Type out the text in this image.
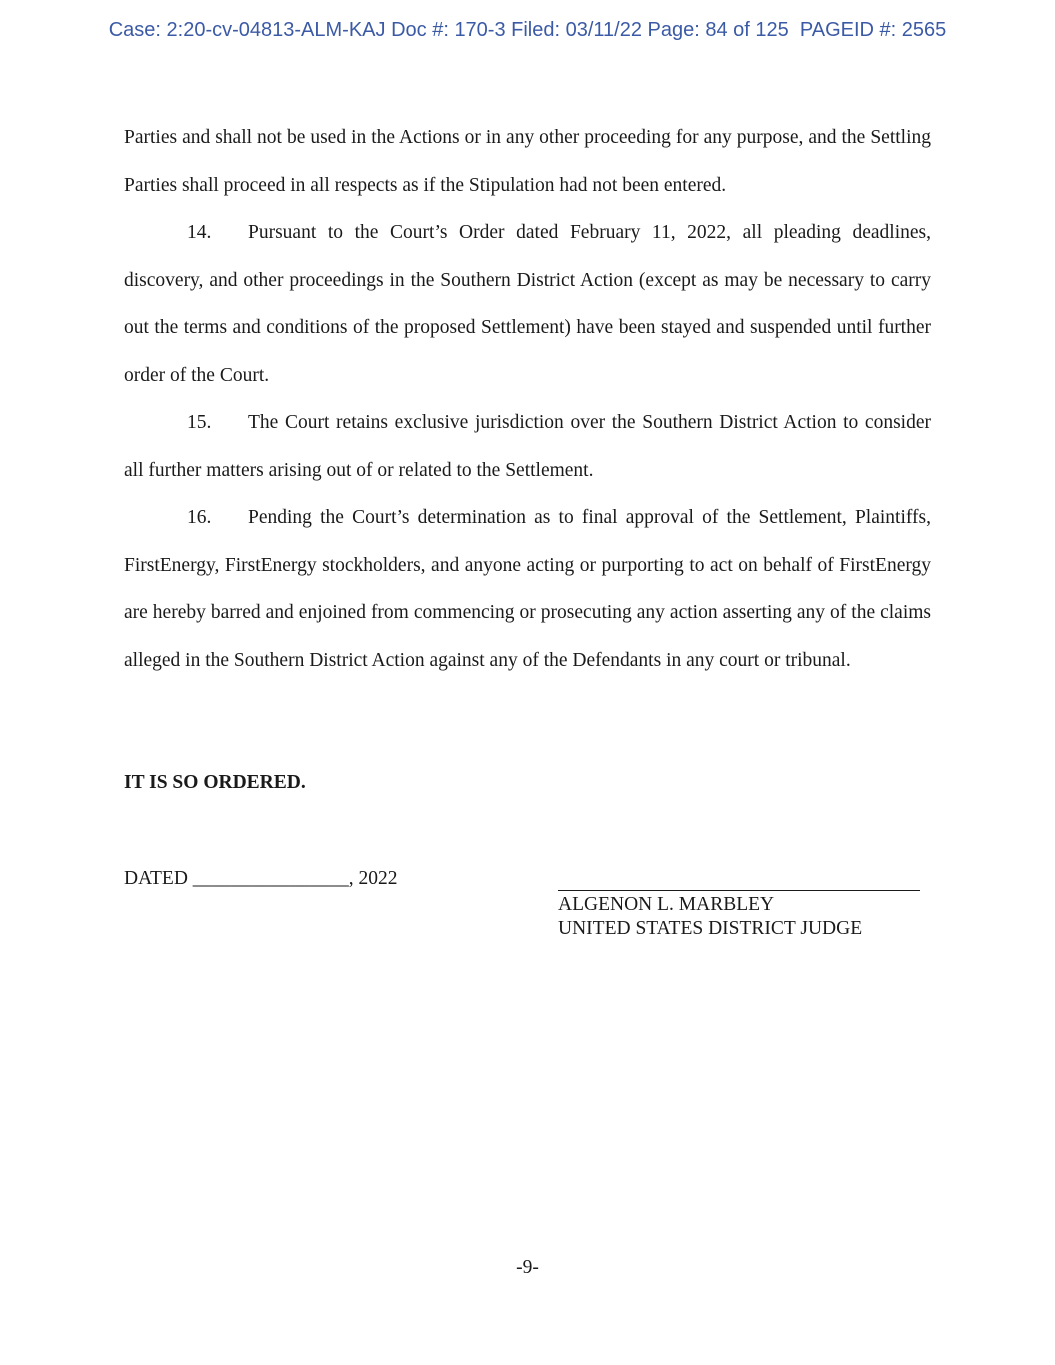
Case: 2:20-cv-04813-ALM-KAJ Doc #: 170-3 Filed: 03/11/22 Page: 84 of 125  PAGEID #: 2565

Parties and shall not be used in the Actions or in any other proceeding for any purpose, and the Settling Parties shall proceed in all respects as if the Stipulation had not been entered.

14. Pursuant to the Court’s Order dated February 11, 2022, all pleading deadlines, discovery, and other proceedings in the Southern District Action (except as may be necessary to carry out the terms and conditions of the proposed Settlement) have been stayed and suspended until further order of the Court.

15. The Court retains exclusive jurisdiction over the Southern District Action to consider all further matters arising out of or related to the Settlement.

16. Pending the Court’s determination as to final approval of the Settlement, Plaintiffs, FirstEnergy, FirstEnergy stockholders, and anyone acting or purporting to act on behalf of FirstEnergy are hereby barred and enjoined from commencing or prosecuting any action asserting any of the claims alleged in the Southern District Action against any of the Defendants in any court or tribunal.

IT IS SO ORDERED.

DATED ________________, 2022

ALGENON L. MARBLEY
UNITED STATES DISTRICT JUDGE
-9-
